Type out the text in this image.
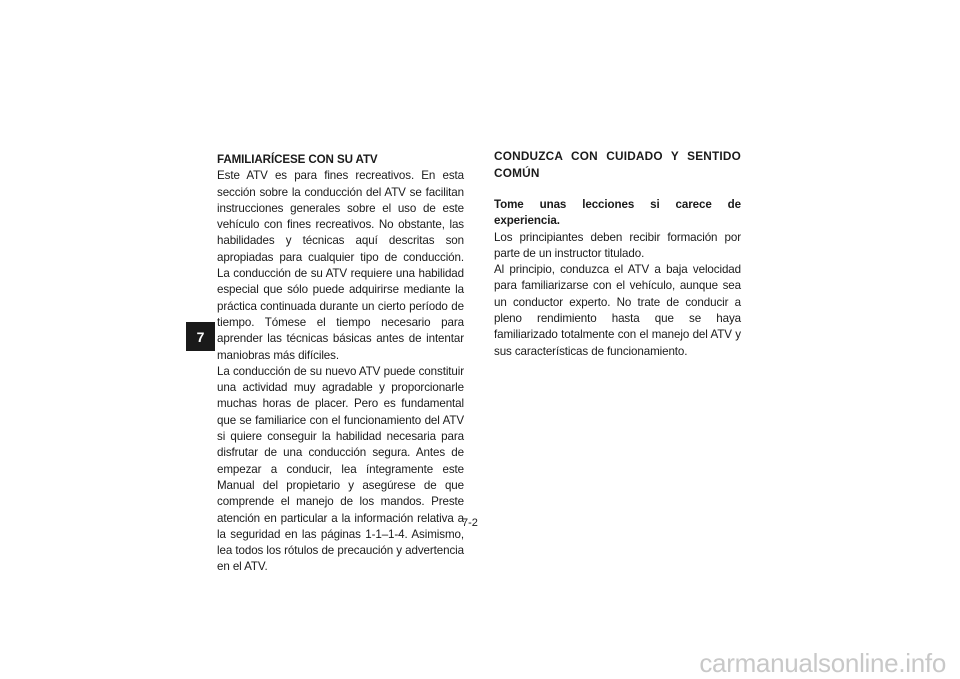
7

FAMILIARÍCESE CON SU ATV

Este ATV es para fines recreativos. En esta sección sobre la conducción del ATV se facilitan instrucciones generales sobre el uso de este vehículo con fines recreativos. No obstante, las habilidades y técnicas aquí descritas son apropiadas para cualquier tipo de conducción. La conducción de su ATV requiere una habilidad especial que sólo puede adquirirse mediante la práctica continuada durante un cierto período de tiempo. Tómese el tiempo necesario para aprender las técnicas básicas antes de intentar maniobras más difíciles.

La conducción de su nuevo ATV puede constituir una actividad muy agradable y proporcionarle muchas horas de placer. Pero es fundamental que se familiarice con el funcionamiento del ATV si quiere conseguir la habilidad necesaria para disfrutar de una conducción segura. Antes de empezar a conducir, lea íntegramente este Manual del propietario y asegúrese de que comprende el manejo de los mandos. Preste atención en particular a la información relativa a la seguridad en las páginas 1-1–1-4. Asimismo, lea todos los rótulos de precaución y advertencia en el ATV.

CONDUZCA CON CUIDADO Y SENTIDO COMÚN

Tome unas lecciones si carece de experiencia.

Los principiantes deben recibir formación por parte de un instructor titulado.

Al principio, conduzca el ATV a baja velocidad para familiarizarse con el vehículo, aunque sea un conductor experto. No trate de conducir a pleno rendimiento hasta que se haya familiarizado totalmente con el manejo del ATV y sus características de funcionamiento.

7-2
carmanualsonline.info
